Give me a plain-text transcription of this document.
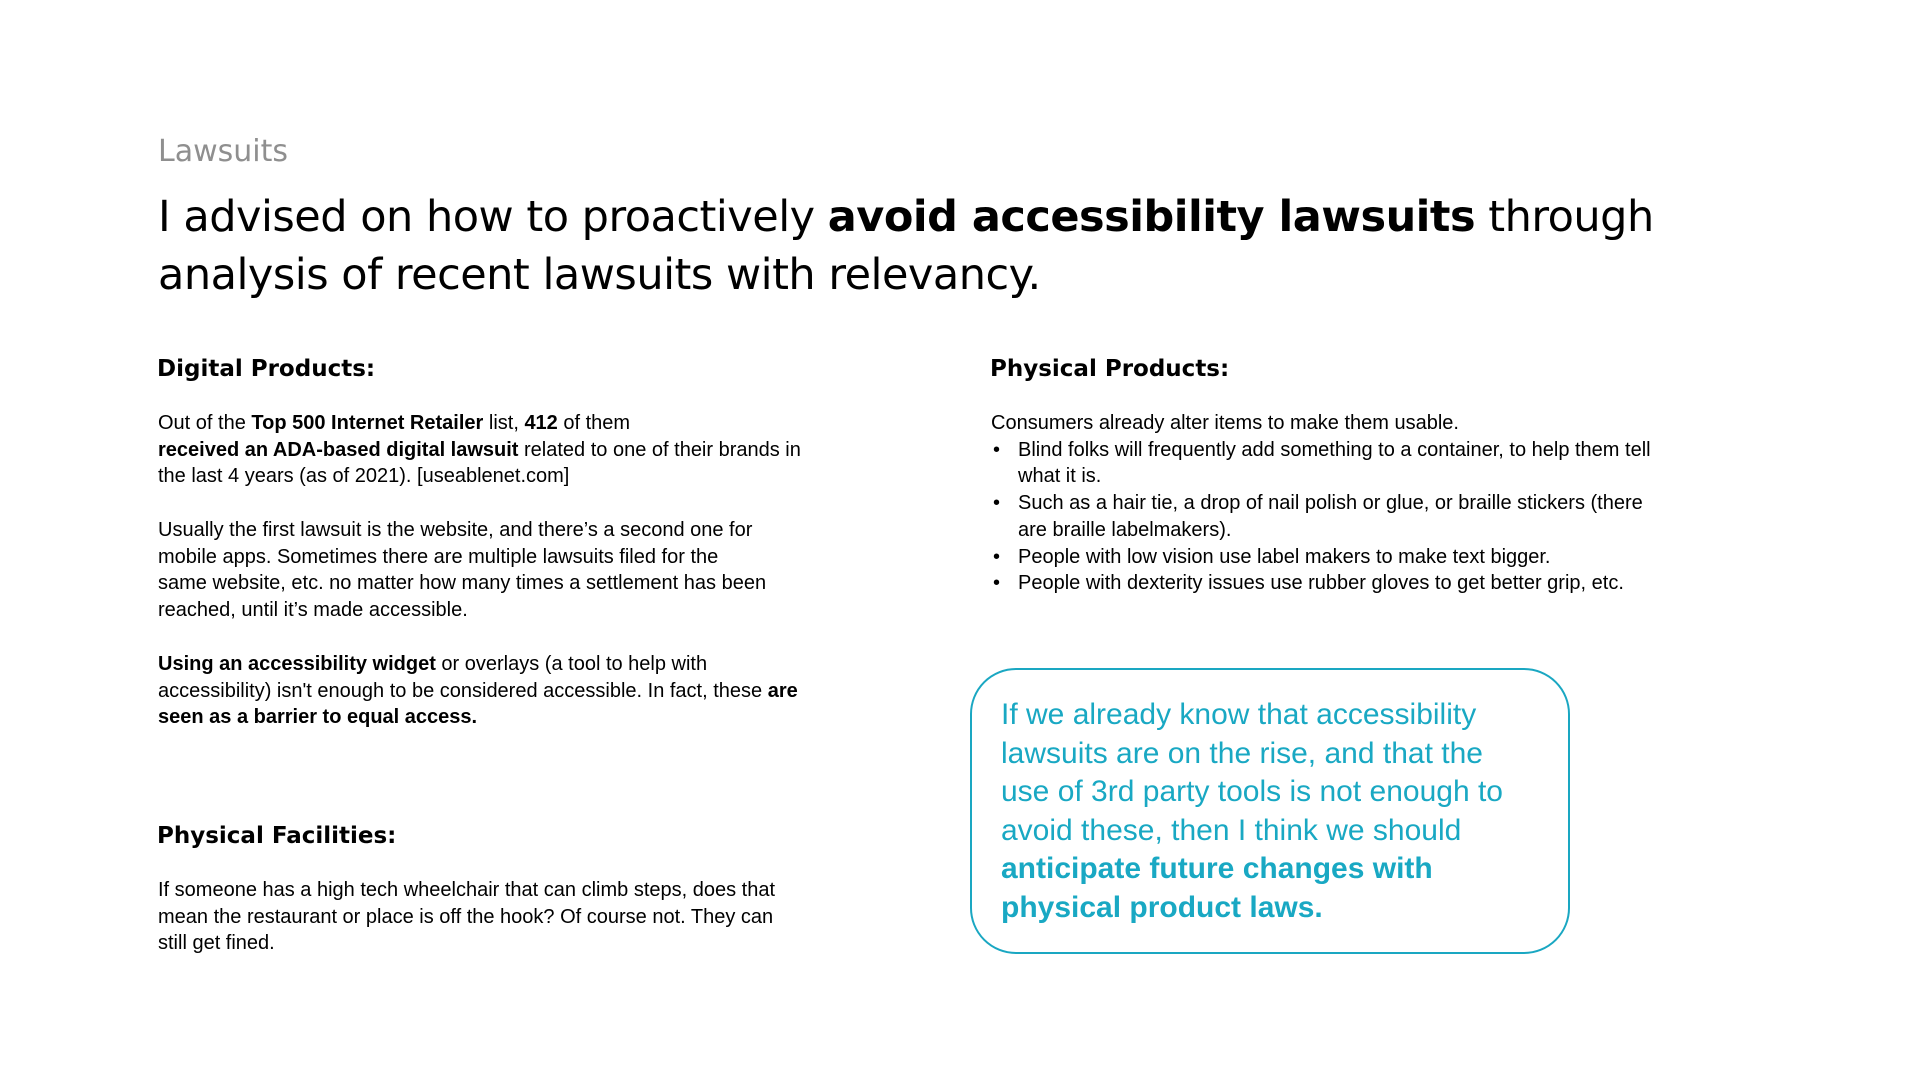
Lawsuits
I advised on how to proactively avoid accessibility lawsuits through analysis of recent lawsuits with relevancy.
Digital Products:

Out of the Top 500 Internet Retailer list, 412 of them
received an ADA-based digital lawsuit related to one of their brands in the last 4 years (as of 2021). [useablenet.com]

Usually the first lawsuit is the website, and there’s a second one for mobile apps. Sometimes there are multiple lawsuits filed for the same website, etc. no matter how many times a settlement has been reached, until it’s made accessible.
Using an accessibility widget or overlays (a tool to help with accessibility) isn't enough to be considered accessible. In fact, these are seen as a barrier to equal access.
Physical Facilities:
If someone has a high tech wheelchair that can climb steps, does that mean the restaurant or place is off the hook? Of course not. They can still get fined.
Physical Products:

Consumers already alter items to make them usable.

• Blind folks will frequently add something to a container, to help them tell what it is.
• Such as a hair tie, a drop of nail polish or glue, or braille stickers (there are braille labelmakers).
• People with low vision use label makers to make text bigger.
• People with dexterity issues use rubber gloves to get better grip, etc.
If we already know that accessibility lawsuits are on the rise, and that the use of 3rd party tools is not enough to avoid these, then I think we should anticipate future changes with physical product laws.
